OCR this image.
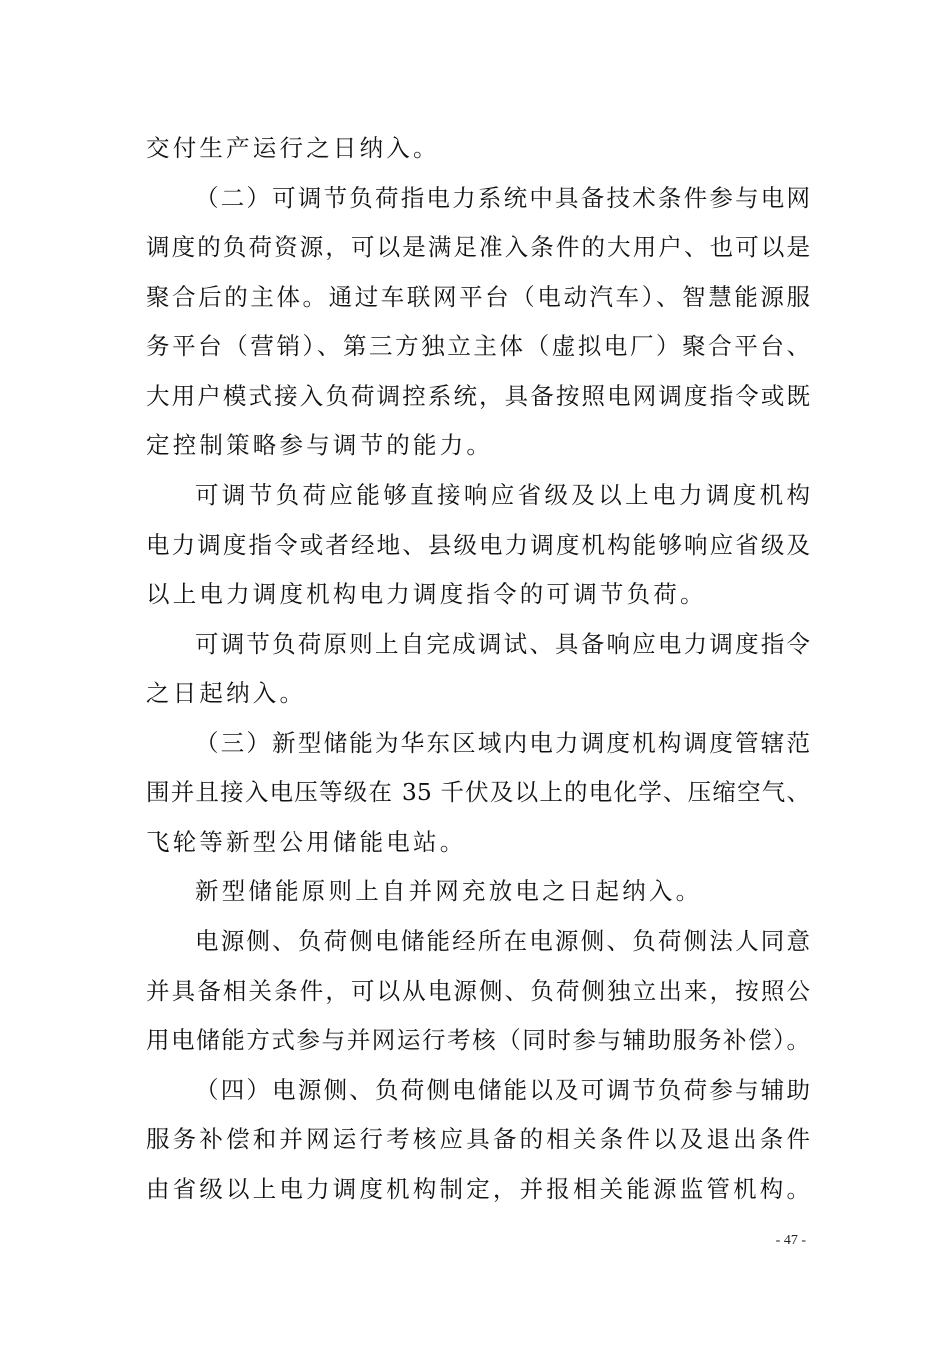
交付生产运行之日纳入。
（二）可调节负荷指电力系统中具备技术条件参与电网
调度的负荷资源，可以是满足准入条件的大用户、也可以是
聚合后的主体。通过车联网平台（电动汽车）、智慧能源服
务平台（营销）、第三方独立主体（虚拟电厂）聚合平台、
大用户模式接入负荷调控系统，具备按照电网调度指令或既
定控制策略参与调节的能力。
可调节负荷应能够直接响应省级及以上电力调度机构
电力调度指令或者经地、县级电力调度机构能够响应省级及
以上电力调度机构电力调度指令的可调节负荷。
可调节负荷原则上自完成调试、具备响应电力调度指令
之日起纳入。
（三）新型储能为华东区域内电力调度机构调度管辖范
围并且接入电压等级在 35 千伏及以上的电化学、压缩空气、
飞轮等新型公用储能电站。
新型储能原则上自并网充放电之日起纳入。
电源侧、负荷侧电储能经所在电源侧、负荷侧法人同意
并具备相关条件，可以从电源侧、负荷侧独立出来，按照公
用电储能方式参与并网运行考核（同时参与辅助服务补偿）。
（四）电源侧、负荷侧电储能以及可调节负荷参与辅助
服务补偿和并网运行考核应具备的相关条件以及退出条件
由省级以上电力调度机构制定，并报相关能源监管机构。
- 47 -
